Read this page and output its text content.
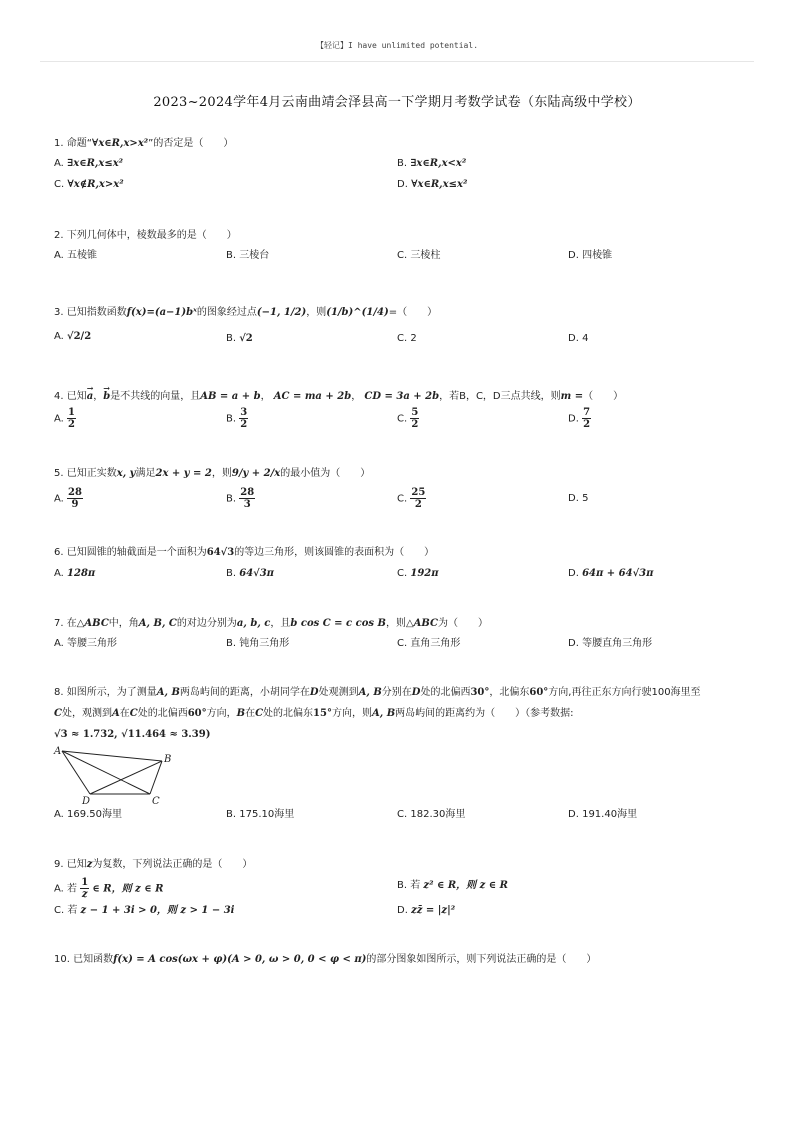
【轻记】I have unlimited potential.
2023~2024学年4月云南曲靖会泽县高一下学期月考数学试卷（东陆高级中学校）
1. 命题“∀x∈R,x>x²”的否定是（　　）
A. ∃x∈R,x≤x²	B. ∃x∈R,x<x²
C. ∀x∉R,x>x²	D. ∀x∈R,x≤x²
2. 下列几何体中，棱数最多的是（　　）
A. 五棱锥	B. 三棱台	C. 三棱柱	D. 四棱锥
3. 已知指数函数f(x)=(a−1)bˣ的图象经过点(−1, 1/2)，则(1/b)^(1/4)=（　　）
A. √2/2	B. √2	C. 2	D. 4
4. 已知→ a，→ b是不共线的向量，且AB = a + b， AC = ma + 2b， CD = 3a + 2b，若B，C，D三点共线，则m =（　　）
A. $\frac{1}{2}$	B. $\frac{3}{2}$	C. $\frac{5}{2}$	D. $\frac{7}{2}$
5. 已知正实数x, y满足2x + y = 2，则9/y + 2/x的最小值为（　　）
A. $\frac{28}{9}$	B. $\frac{28}{3}$	C. $\frac{25}{2}$	D. 5
6. 已知圆锥的轴截面是一个面积为64√3的等边三角形，则该圆锥的表面积为（　　）
A. 128π	B. 64√3π	C. 192π	D. 64π + 64√3π
7. 在△ABC中，角A, B, C的对边分别为a, b, c，且b cos C = c cos B，则△ABC为（　　）
A. 等腰三角形	B. 钝角三角形	C. 直角三角形	D. 等腰直角三角形
8. 如图所示，为了测量A, B两岛屿间的距离，小胡同学在D处观测到A, B分别在D处的北偏西30°，北偏东60°方向,再往正东方向行驶100海里至
C处，观测到A在C处的北偏西60°方向，B在C处的北偏东15°方向，则A, B两岛屿间的距离约为（　　）（参考数据:
√3 ≈ 1.732, √11.464 ≈ 3.39)
A
B
C
D
A. 169.50海里	B. 175.10海里	C. 182.30海里	D. 191.40海里
9. 已知z为复数，下列说法正确的是（　　）
A. 若 $\frac{1}{z}$ ∈ R，则 z ∈ R	B. 若 z² ∈ R，则 z ∈ R
C. 若 z − 1 + 3i > 0，则 z > 1 − 3i	D. zz̄ = |z|²
10. 已知函数f(x) = A cos(ωx + φ)(A > 0, ω > 0, 0 < φ < π)的部分图象如图所示，则下列说法正确的是（　　）
